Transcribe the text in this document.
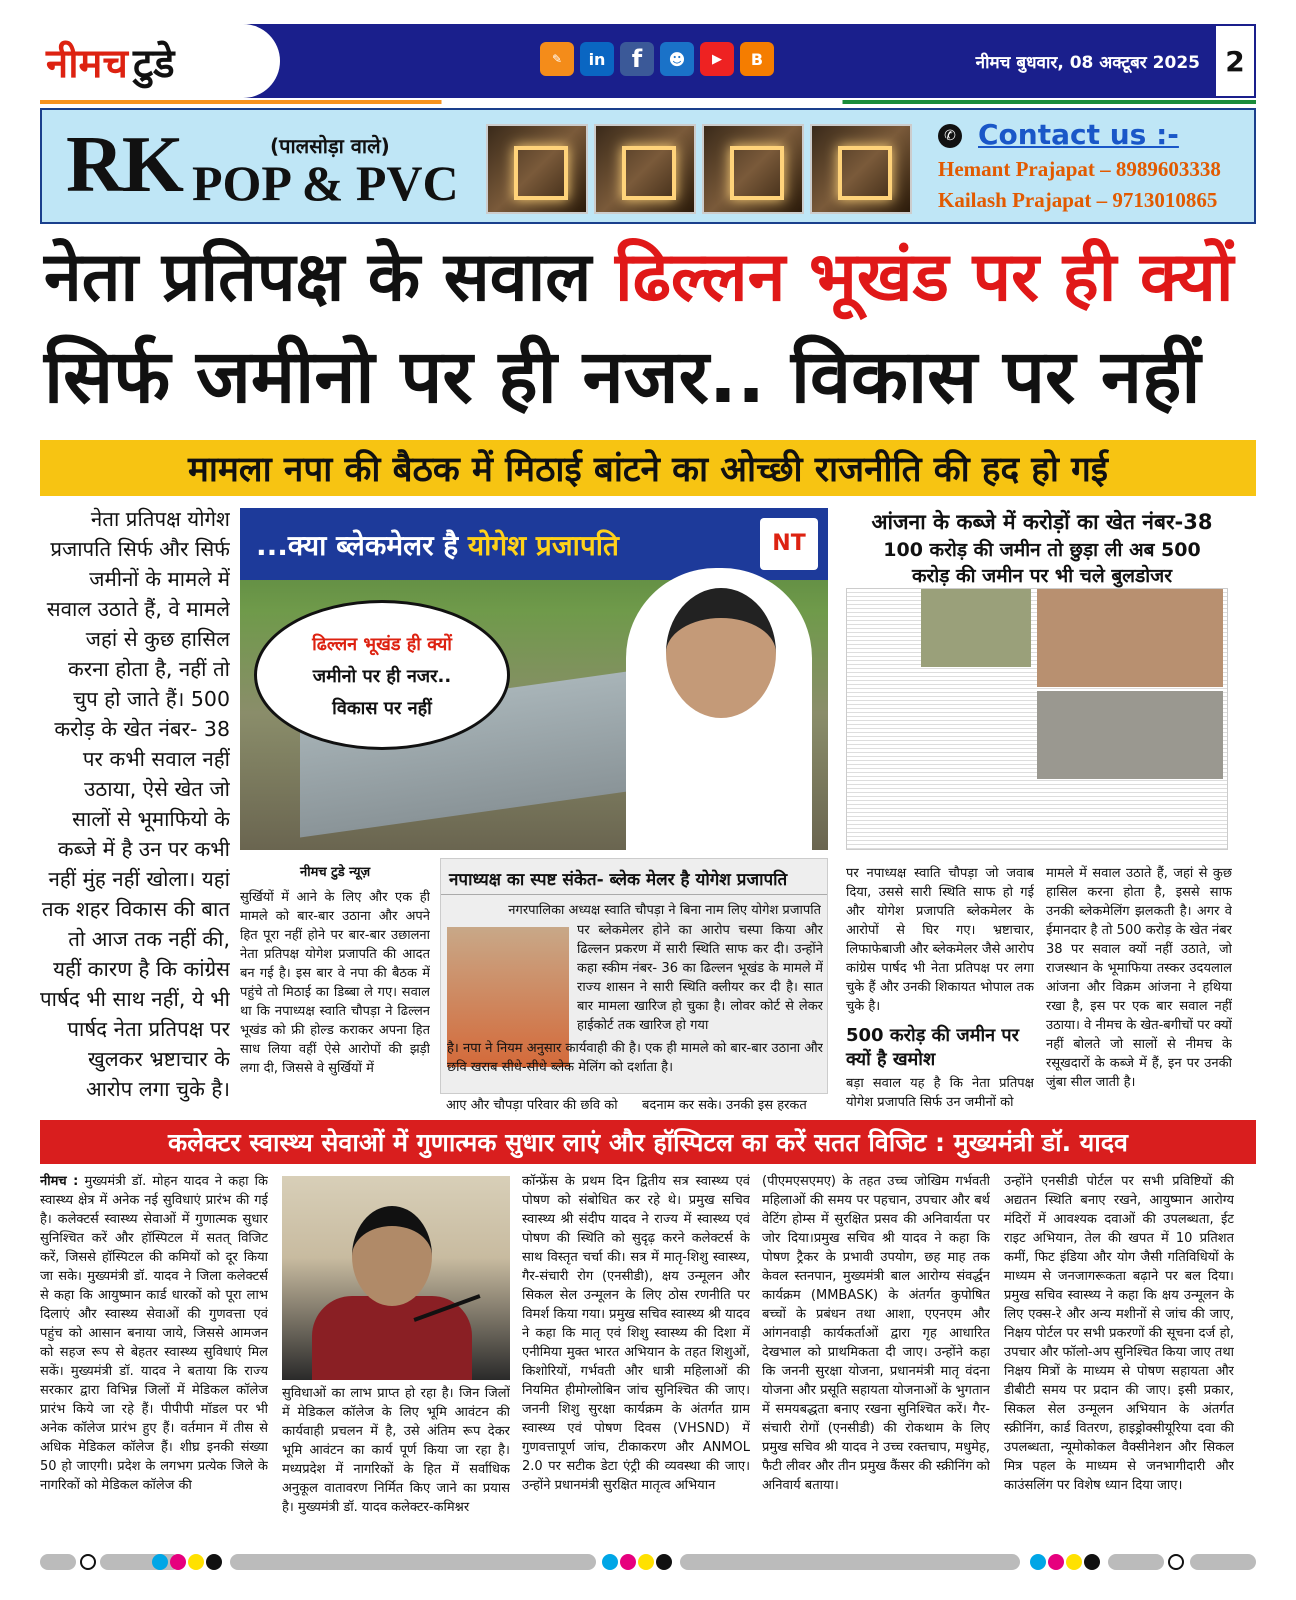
नीमच टुडे	✎	in	f	☻	▶	B	नीमच बुधवार, 08 अक्टूबर 2025 2
RK	(पालसोड़ा वाले)
POP & PVC
✆ Contact us :-
Hemant Prajapat – 8989603338
Kailash Prajapat – 9713010865
नेता प्रतिपक्ष के सवाल ढिल्लन भूखंड पर ही क्यों
सिर्फ जमीनो पर ही नजर.. विकास पर नहीं
मामला नपा की बैठक में मिठाई बांटने का ओच्छी राजनीति की हद हो गई
नेता प्रतिपक्ष योगेश प्रजापति सिर्फ और सिर्फ जमीनों के मामले में सवाल उठाते हैं, वे मामले जहां से कुछ हासिल करना होता है, नहीं तो चुप हो जाते हैं। 500 करोड़ के खेत नंबर- 38 पर कभी सवाल नहीं उठाया, ऐसे खेत जो सालों से भूमाफियो के कब्जे में है उन पर कभी नहीं मुंह नहीं खोला। यहां तक शहर विकास की बात तो आज तक नहीं की, यहीं कारण है कि कांग्रेस पार्षद भी साथ नहीं, ये भी पार्षद नेता प्रतिपक्ष पर खुलकर भ्रष्टाचार के आरोप लगा चुके है।
...क्या ब्लेकमेलर है योगेश प्रजापति	NT
ढिल्लन भूखंड ही क्यों
जमीनो पर ही नजर..
विकास पर नहीं
आंजना के कब्जे में करोड़ों का खेत नंबर-38
100 करोड़ की जमीन तो छुड़ा ली अब 500
करोड़ की जमीन पर भी चले बुलडोजर
नीमच टुडे न्यूज़
सुर्खियों में आने के लिए और एक ही मामले को बार-बार उठाना और अपने हित पूरा नहीं होने पर बार-बार उछालना नेता प्रतिपक्ष योगेश प्रजापति की आदत बन गई है। इस बार वे नपा की बैठक में पहुंचे तो मिठाई का डिब्बा ले गए। सवाल था कि नपाध्यक्ष स्वाति चौपड़ा ने ढिल्लन भूखंड को फ्री होल्ड कराकर अपना हित साध लिया वहीं ऐसे आरोपों की झड़ी लगा दी, जिससे वे सुर्खियों में
नपाध्यक्ष का स्पष्ट संकेत- ब्लेक मेलर है योगेश प्रजापति
नगरपालिका अध्यक्ष स्वाति चौपड़ा ने बिना नाम लिए योगेश प्रजापति
पर ब्लेकमेलर होने का आरोप चस्पा किया और ढिल्लन प्रकरण में सारी स्थिति साफ कर दी। उन्होंने कहा स्कीम नंबर- 36 का ढिल्लन भूखंड के मामले में राज्य शासन ने सारी स्थिति क्लीयर कर दी है। सात बार मामला खारिज हो चुका है। लोवर कोर्ट से लेकर हाईकोर्ट तक खारिज हो गया
है। नपा ने नियम अनुसार कार्यवाही की है। एक ही मामले को बार-बार उठाना और छवि खराब सीधे-सीधे ब्लेक मेलिंग को दर्शाता है।
आए और चौपड़ा परिवार की छवि को	बदनाम कर सके। उनकी इस हरकत
पर नपाध्यक्ष स्वाति चौपड़ा जो जवाब दिया, उससे सारी स्थिति साफ हो गई और योगेश प्रजापति ब्लेकमेलर के आरोपों से घिर गए। भ्रष्टाचार, लिफाफेबाजी और ब्लेकमेलर जैसे आरोप कांग्रेस पार्षद भी नेता प्रतिपक्ष पर लगा चुके हैं और उनकी शिकायत भोपाल तक चुके है।
500 करोड़ की जमीन पर क्यों है खमोश
बड़ा सवाल यह है कि नेता प्रतिपक्ष योगेश प्रजापति सिर्फ उन जमीनों को
मामले में सवाल उठाते हैं, जहां से कुछ हासिल करना होता है, इससे साफ उनकी ब्लेकमेलिंग झलकती है। अगर वे ईमानदार है तो 500 करोड़ के खेत नंबर 38 पर सवाल क्यों नहीं उठाते, जो राजस्थान के भूमाफिया तस्कर उदयलाल आंजना और विक्रम आंजना ने हथिया रखा है, इस पर एक बार सवाल नहीं उठाया। वे नीमच के खेत-बगीचों पर क्यों नहीं बोलते जो सालों से नीमच के रसूखदारों के कब्जे में हैं, इन पर उनकी जुंबा सील जाती है।
कलेक्टर स्वास्थ्य सेवाओं में गुणात्मक सुधार लाएं और हॉस्पिटल का करें सतत विजिट : मुख्यमंत्री डॉ. यादव
नीमच : मुख्यमंत्री डॉ. मोहन यादव ने कहा कि स्वास्थ्य क्षेत्र में अनेक नई सुविधाएं प्रारंभ की गई है। कलेक्टर्स स्वास्थ्य सेवाओं में गुणात्मक सुधार सुनिश्चित करें और हॉस्पिटल में सतत् विजिट करें, जिससे हॉस्पिटल की कमियों को दूर किया जा सके। मुख्यमंत्री डॉ. यादव ने जिला कलेक्टर्स से कहा कि आयुष्मान कार्ड धारकों को पूरा लाभ दिलाएं और स्वास्थ्य सेवाओं की गुणवत्ता एवं पहुंच को आसान बनाया जाये, जिससे आमजन को सहज रूप से बेहतर स्वास्थ्य सुविधाएं मिल सकें। मुख्यमंत्री डॉ. यादव ने बताया कि राज्य सरकार द्वारा विभिन्न जिलों में मेडिकल कॉलेज प्रारंभ किये जा रहे हैं। पीपीपी मॉडल पर भी अनेक कॉलेज प्रारंभ हुए हैं। वर्तमान में तीस से अधिक मेडिकल कॉलेज हैं। शीघ्र इनकी संख्या 50 हो जाएगी। प्रदेश के लगभग प्रत्येक जिले के नागरिकों को मेडिकल कॉलेज की
सुविधाओं का लाभ प्राप्त हो रहा है। जिन जिलों में मेडिकल कॉलेज के लिए भूमि आवंटन की कार्यवाही प्रचलन में है, उसे अंतिम रूप देकर भूमि आवंटन का कार्य पूर्ण किया जा रहा है। मध्यप्रदेश में नागरिकों के हित में सर्वाधिक अनुकूल वातावरण निर्मित किए जाने का प्रयास है। मुख्यमंत्री डॉ. यादव कलेक्टर-कमिश्नर
कॉन्फ्रेंस के प्रथम दिन द्वितीय सत्र स्वास्थ्य एवं पोषण को संबोधित कर रहे थे। प्रमुख सचिव स्वास्थ्य श्री संदीप यादव ने राज्य में स्वास्थ्य एवं पोषण की स्थिति को सुदृढ़ करने कलेक्टर्स के साथ विस्तृत चर्चा की। सत्र में मातृ-शिशु स्वास्थ्य, गैर-संचारी रोग (एनसीडी), क्षय उन्मूलन और सिकल सेल उन्मूलन के लिए ठोस रणनीति पर विमर्श किया गया। प्रमुख सचिव स्वास्थ्य श्री यादव ने कहा कि मातृ एवं शिशु स्वास्थ्य की दिशा में एनीमिया मुक्त भारत अभियान के तहत शिशुओं, किशोरियों, गर्भवती और धात्री महिलाओं की नियमित हीमोग्लोबिन जांच सुनिश्चित की जाए। जननी शिशु सुरक्षा कार्यक्रम के अंतर्गत ग्राम स्वास्थ्य एवं पोषण दिवस (VHSND) में गुणवत्तापूर्ण जांच, टीकाकरण और ANMOL 2.0 पर सटीक डेटा एंट्री की व्यवस्था की जाए। उन्होंने प्रधानमंत्री सुरक्षित मातृत्व अभियान
(पीएमएसएमए) के तहत उच्च जोखिम गर्भवती महिलाओं की समय पर पहचान, उपचार और बर्थ वेटिंग होम्स में सुरक्षित प्रसव की अनिवार्यता पर जोर दिया।प्रमुख सचिव श्री यादव ने कहा कि पोषण ट्रैकर के प्रभावी उपयोग, छह माह तक केवल स्तनपान, मुख्यमंत्री बाल आरोग्य संवर्द्धन कार्यक्रम (MMBASK) के अंतर्गत कुपोषित बच्चों के प्रबंधन तथा आशा, एएनएम और आंगनवाड़ी कार्यकर्ताओं द्वारा गृह आधारित देखभाल को प्राथमिकता दी जाए। उन्होंने कहा कि जननी सुरक्षा योजना, प्रधानमंत्री मातृ वंदना योजना और प्रसूति सहायता योजनाओं के भुगतान में समयबद्धता बनाए रखना सुनिश्चित करें। गैर-संचारी रोगों (एनसीडी) की रोकथाम के लिए प्रमुख सचिव श्री यादव ने उच्च रक्तचाप, मधुमेह, फैटी लीवर और तीन प्रमुख कैंसर की स्क्रीनिंग को अनिवार्य बताया।
उन्होंने एनसीडी पोर्टल पर सभी प्रविष्टियों की अद्यतन स्थिति बनाए रखने, आयुष्मान आरोग्य मंदिरों में आवश्यक दवाओं की उपलब्धता, ईट राइट अभियान, तेल की खपत में 10 प्रतिशत कमीं, फिट इंडिया और योग जैसी गतिविधियों के माध्यम से जनजागरूकता बढ़ाने पर बल दिया।प्रमुख सचिव स्वास्थ्य ने कहा कि क्षय उन्मूलन के लिए एक्स-रे और अन्य मशीनों से जांच की जाए, निक्षय पोर्टल पर सभी प्रकरणों की सूचना दर्ज हो, उपचार और फॉलो-अप सुनिश्चित किया जाए तथा निक्षय मित्रों के माध्यम से पोषण सहायता और डीबीटी समय पर प्रदान की जाए। इसी प्रकार, सिकल सेल उन्मूलन अभियान के अंतर्गत स्क्रीनिंग, कार्ड वितरण, हाइड्रोक्सीयूरिया दवा की उपलब्धता, न्यूमोकोकल वैक्सीनेशन और सिकल मित्र पहल के माध्यम से जनभागीदारी और काउंसलिंग पर विशेष ध्यान दिया जाए।
